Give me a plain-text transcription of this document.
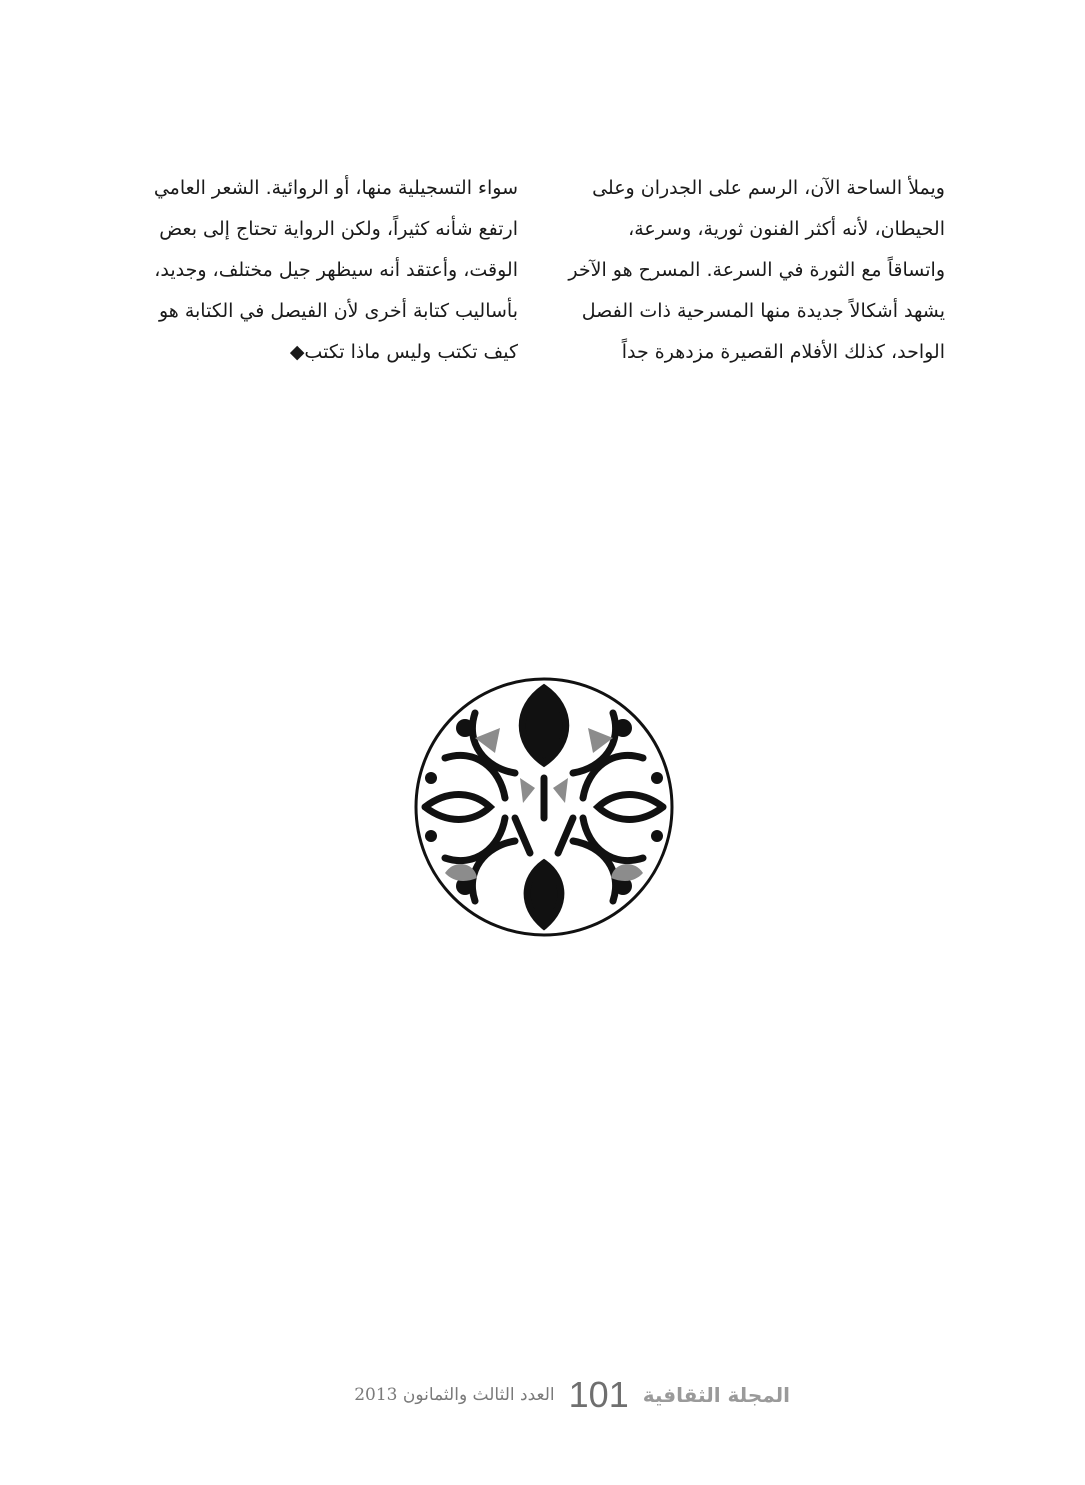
ويملأ الساحة الآن، الرسم على الجدران وعلى
الحيطان، لأنه أكثر الفنون ثورية، وسرعة،
واتساقاً مع الثورة في السرعة. المسرح هو الآخر
يشهد أشكالاً جديدة منها المسرحية ذات الفصل
الواحد، كذلك الأفلام القصيرة مزدهرة جداً
سواء التسجيلية منها، أو الروائية. الشعر العامي
ارتفع شأنه كثيراً، ولكن الرواية تحتاج إلى بعض
الوقت، وأعتقد أنه سيظهر جيل مختلف، وجديد،
بأساليب كتابة أخرى لأن الفيصل في الكتابة هو
كيف تكتب وليس ماذا تكتب◆
المجلة الثقافية
101
العدد الثالث والثمانون 2013
